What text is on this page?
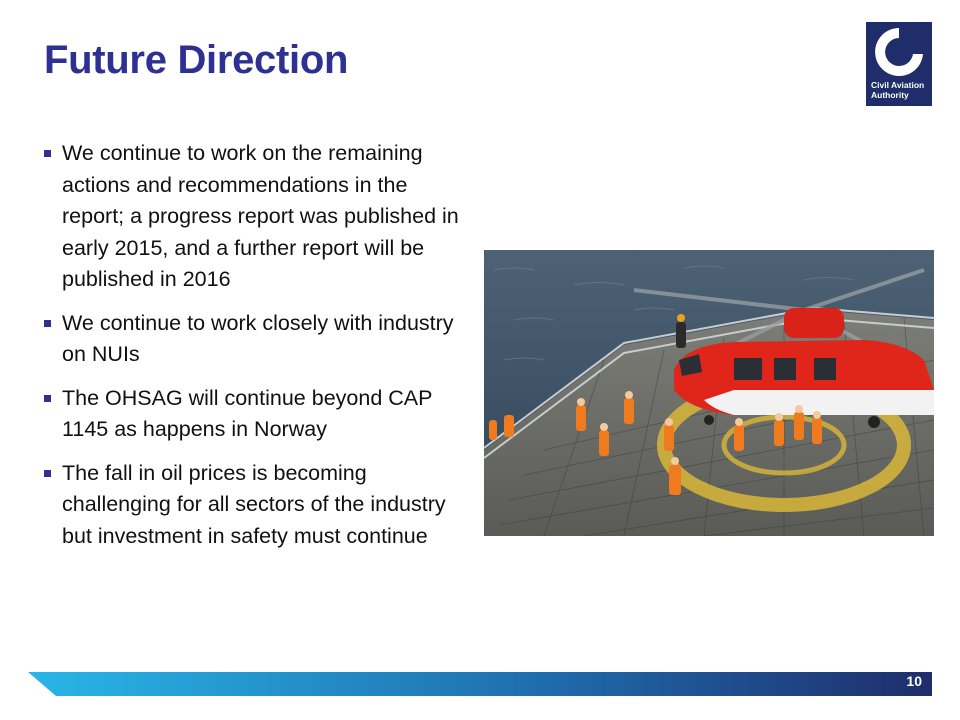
Future Direction
Civil Aviation
Authority
We continue to work on the remaining actions and recommendations in the report; a progress report was published in early 2015, and a further report will be published in 2016
We continue to work closely with industry on NUIs
The OHSAG will continue beyond CAP 1145 as happens in Norway
The fall in oil prices is becoming challenging for all sectors of the industry but investment in safety must continue
10
